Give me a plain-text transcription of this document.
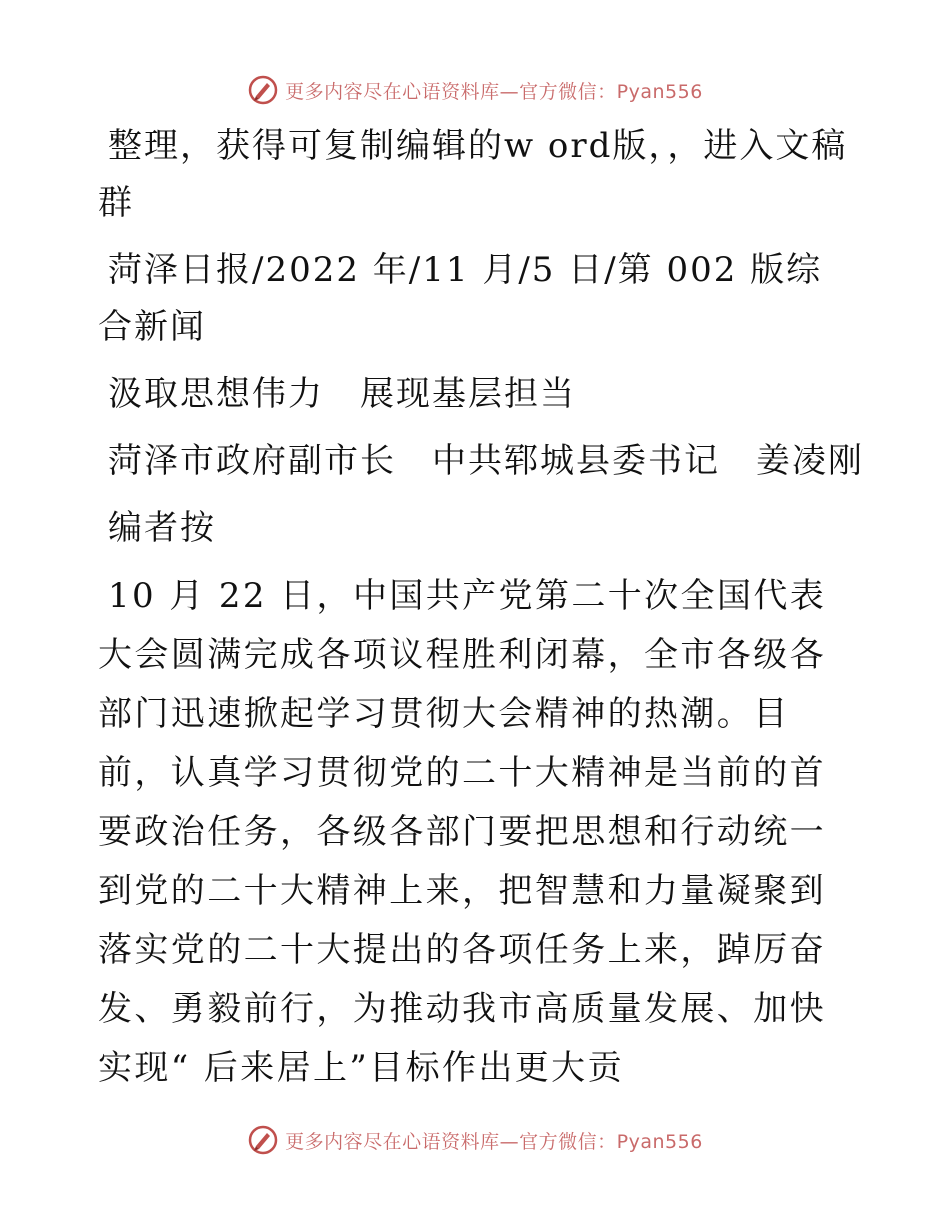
更多内容尽在心语资料库—官方微信：Pyan556

整理，获得可复制编辑的w ord版，，进入文稿群

菏泽日报/2022 年/11 月/5 日/第 002 版综合新闻

汲取思想伟力　展现基层担当

菏泽市政府副市长　中共郓城县委书记　姜凌刚

编者按

10 月 22 日，中国共产党第二十次全国代表大会圆满完成各项议程胜利闭幕，全市各级各部门迅速掀起学习贯彻大会精神的热潮。目前，认真学习贯彻党的二十大精神是当前的首要政治任务，各级各部门要把思想和行动统一到党的二十大精神上来，把智慧和力量凝聚到落实党的二十大提出的各项任务上来，踔厉奋发、勇毅前行，为推动我市高质量发展、加快实现“ 后来居上”目标作出更大贡

更多内容尽在心语资料库—官方微信：Pyan556
